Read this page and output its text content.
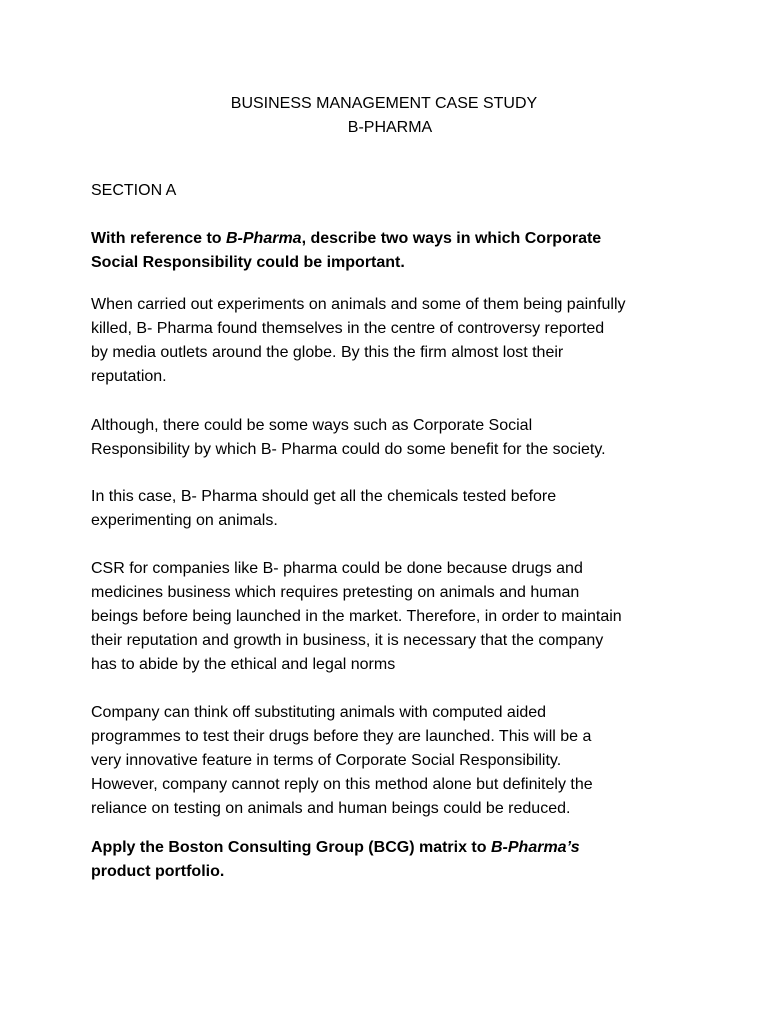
BUSINESS MANAGEMENT CASE STUDY
B-PHARMA
SECTION A
With reference to B-Pharma, describe two ways in which Corporate
Social Responsibility could be important.
When carried out experiments on animals and some of them being painfully
killed, B- Pharma found themselves in the centre of controversy reported
by media outlets around the globe. By this the firm almost lost their
reputation.
Although, there could be some ways such as Corporate Social
Responsibility by which B- Pharma could do some benefit for the society.
In this case, B- Pharma should get all the chemicals tested before
experimenting on animals.
CSR for companies like B- pharma could be done because drugs and
medicines business which requires pretesting on animals and human
beings before being launched in the market. Therefore, in order to maintain
their reputation and growth in business, it is necessary that the company
has to abide by the ethical and legal norms
Company can think off substituting animals with computed aided
programmes to test their drugs before they are launched. This will be a
very innovative feature in terms of Corporate Social Responsibility.
However, company cannot reply on this method alone but definitely the
reliance on testing on animals and human beings could be reduced.
Apply the Boston Consulting Group (BCG) matrix to B-Pharma’s
product portfolio.
